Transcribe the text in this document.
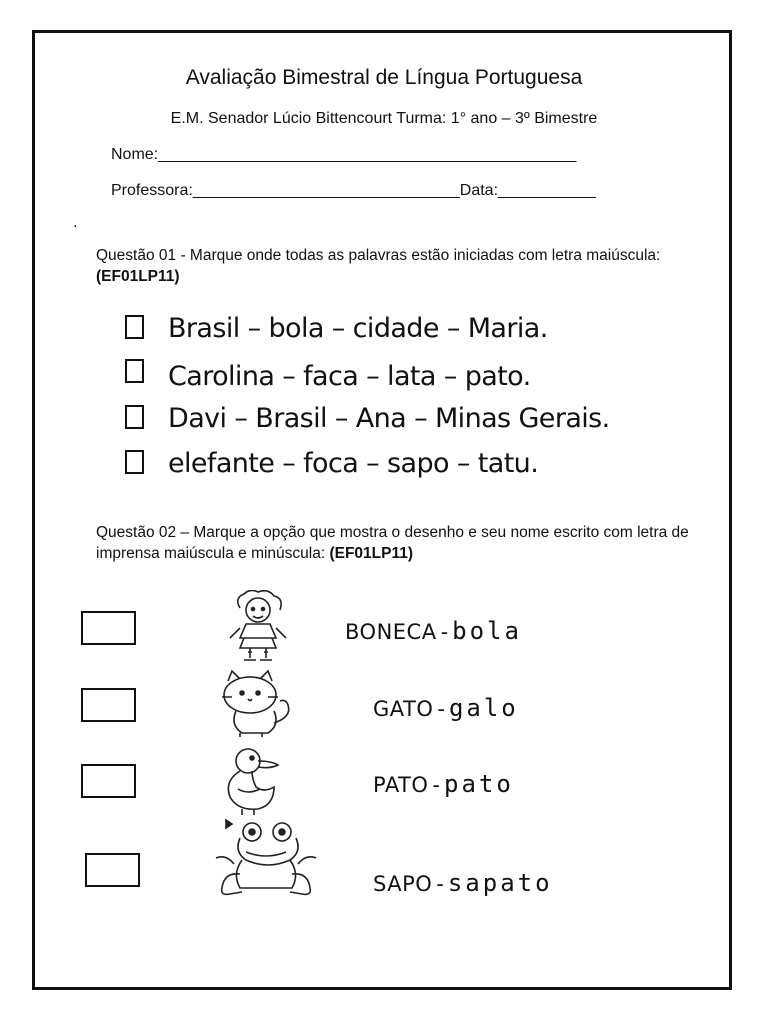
Avaliação Bimestral de Língua Portuguesa
E.M. Senador Lúcio Bittencourt Turma: 1° ano – 3º Bimestre
Nome:_______________________________________________
Professora:______________________________Data:___________
.
Questão 01 - Marque onde todas as palavras estão iniciadas com letra maiúscula: (EF01LP11)
Brasil – bola – cidade – Maria.
Carolina – faca – lata – pato.
Davi – Brasil – Ana – Minas Gerais.
elefante – foca – sapo – tatu.
Questão 02 – Marque a opção que mostra o desenho e seu nome escrito com letra de imprensa maiúscula e minúscula: (EF01LP11)
BONECA - bola
GATO - galo
PATO - pato
SAPO - sapato
